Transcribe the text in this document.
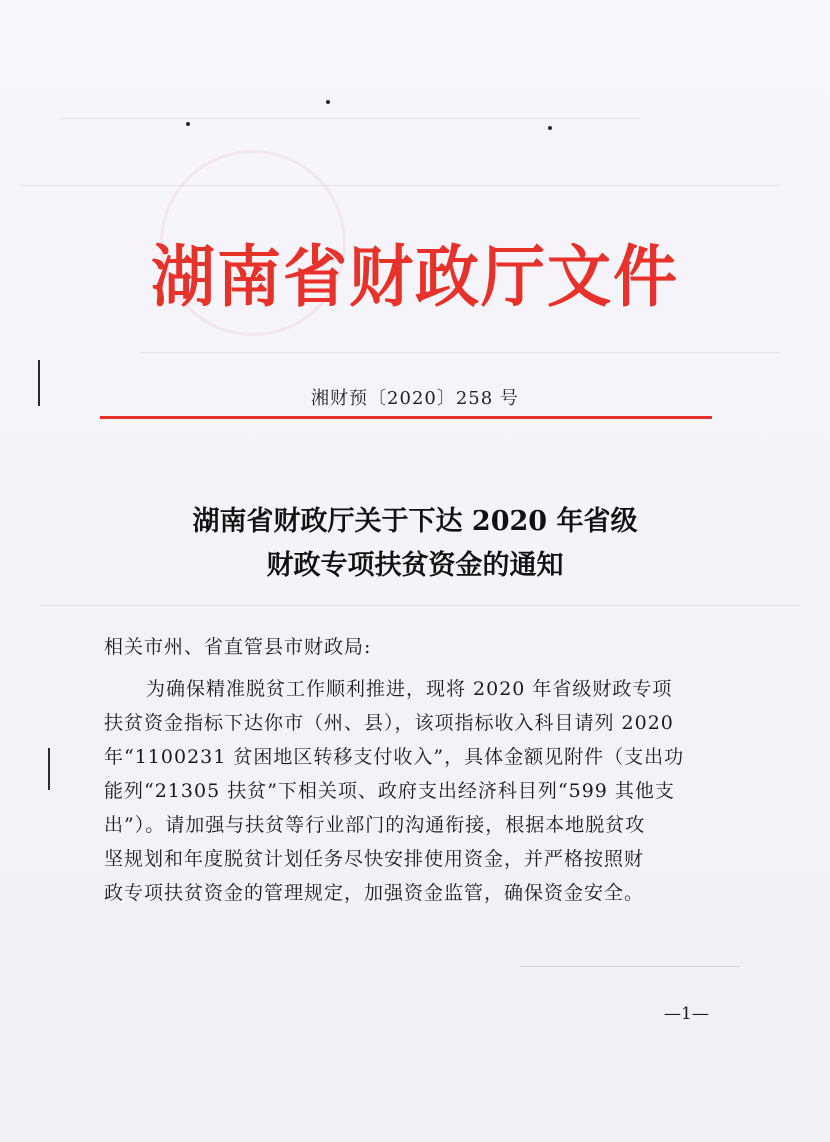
湖南省财政厅文件
湘财预〔2020〕258 号
湖南省财政厅关于下达 2020 年省级
财政专项扶贫资金的通知
相关市州、省直管县市财政局:
为确保精准脱贫工作顺利推进，现将 2020 年省级财政专项
扶贫资金指标下达你市（州、县），该项指标收入科目请列 2020
年“1100231 贫困地区转移支付收入”，具体金额见附件（支出功
能列“21305 扶贫”下相关项、政府支出经济科目列“599 其他支
出”）。请加强与扶贫等行业部门的沟通衔接，根据本地脱贫攻
坚规划和年度脱贫计划任务尽快安排使用资金，并严格按照财
政专项扶贫资金的管理规定，加强资金监管，确保资金安全。
—1—
